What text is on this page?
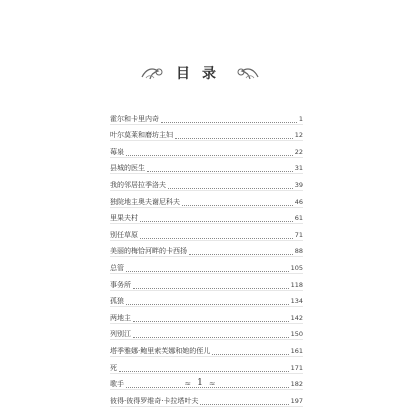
目录
霍尔和卡里内奇	1
叶尔莫莱和磨坊主妇	12
莓泉	22
县城的医生	31
我的邻居拉季洛夫	39
独院地主奥夫谢尼科夫	46
里果夫村	61
别任草原	71
美丽的梅恰河畔的卡西扬	88
总管	105
事务所	118
孤狼	134
两地主	142
列别江	150
塔季雅娜·鲍里索芙娜和她的侄儿	161
死	171
歌手	182
彼得·彼得罗维奇·卡拉塔叶夫	197
≈ 1 ≈
